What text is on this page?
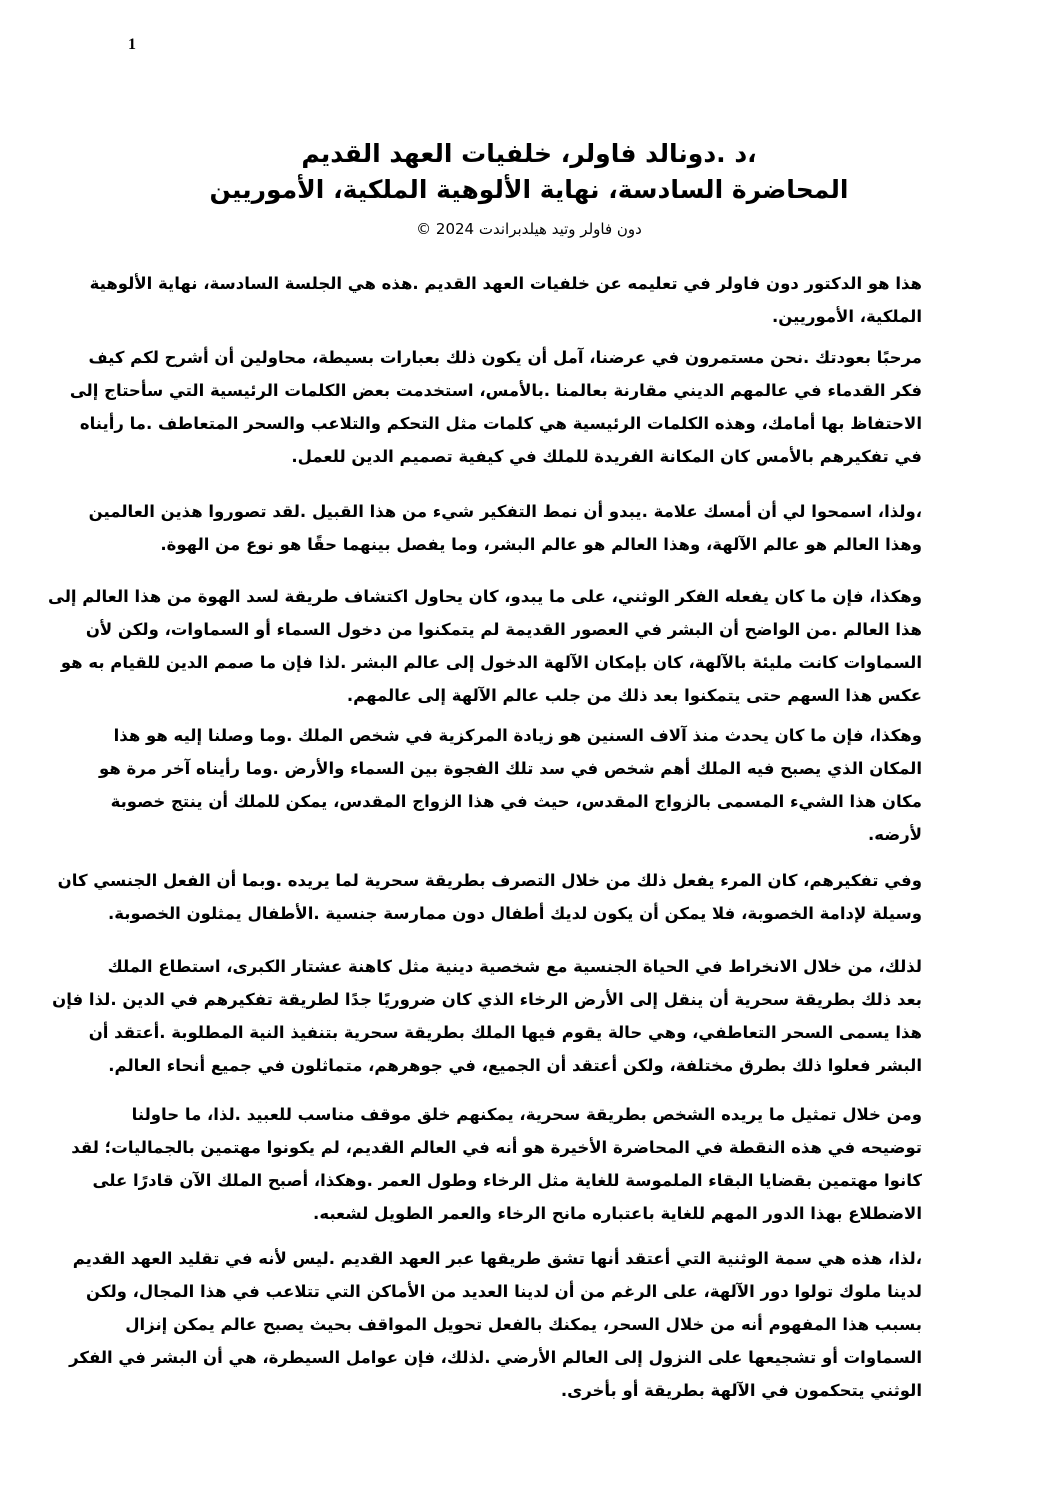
1
،د .دونالد فاولر، خلفيات العهد القديم
المحاضرة السادسة، نهاية الألوهية الملكية، الأموريين
دون فاولر وتيد هيلدبراندت 2024 ©
هذا هو الدكتور دون فاولر في تعليمه عن خلفيات العهد القديم .هذه هي الجلسة السادسة، نهاية الألوهية
الملكية، الأموريين.
مرحبًا بعودتك .نحن مستمرون في عرضنا، آمل أن يكون ذلك بعبارات بسيطة، محاولين أن أشرح لكم كيف
فكر القدماء في عالمهم الديني مقارنة بعالمنا .بالأمس، استخدمت بعض الكلمات الرئيسية التي سأحتاج إلى
الاحتفاظ بها أمامك، وهذه الكلمات الرئيسية هي كلمات مثل التحكم والتلاعب والسحر المتعاطف .ما رأيناه
في تفكيرهم بالأمس كان المكانة الفريدة للملك في كيفية تصميم الدين للعمل.
،ولذا، اسمحوا لي أن أمسك علامة .يبدو أن نمط التفكير شيء من هذا القبيل .لقد تصوروا هذين العالمين
وهذا العالم هو عالم الآلهة، وهذا العالم هو عالم البشر، وما يفصل بينهما حقًا هو نوع من الهوة.
وهكذا، فإن ما كان يفعله الفكر الوثني، على ما يبدو، كان يحاول اكتشاف طريقة لسد الهوة من هذا العالم إلى
هذا العالم .من الواضح أن البشر في العصور القديمة لم يتمكنوا من دخول السماء أو السماوات، ولكن لأن
السماوات كانت مليئة بالآلهة، كان بإمكان الآلهة الدخول إلى عالم البشر .لذا فإن ما صمم الدين للقيام به هو
عكس هذا السهم حتى يتمكنوا بعد ذلك من جلب عالم الآلهة إلى عالمهم.
وهكذا، فإن ما كان يحدث منذ آلاف السنين هو زيادة المركزية في شخص الملك .وما وصلنا إليه هو هذا
المكان الذي يصبح فيه الملك أهم شخص في سد تلك الفجوة بين السماء والأرض .وما رأيناه آخر مرة هو
مكان هذا الشيء المسمى بالزواج المقدس، حيث في هذا الزواج المقدس، يمكن للملك أن ينتج خصوبة
لأرضه.
وفي تفكيرهم، كان المرء يفعل ذلك من خلال التصرف بطريقة سحرية لما يريده .وبما أن الفعل الجنسي كان
وسيلة لإدامة الخصوبة، فلا يمكن أن يكون لديك أطفال دون ممارسة جنسية .الأطفال يمثلون الخصوبة.
لذلك، من خلال الانخراط في الحياة الجنسية مع شخصية دينية مثل كاهنة عشتار الكبرى، استطاع الملك
بعد ذلك بطريقة سحرية أن ينقل إلى الأرض الرخاء الذي كان ضروريًا جدًا لطريقة تفكيرهم في الدين .لذا فإن
هذا يسمى السحر التعاطفي، وهي حالة يقوم فيها الملك بطريقة سحرية بتنفيذ النية المطلوبة .أعتقد أن
البشر فعلوا ذلك بطرق مختلفة، ولكن أعتقد أن الجميع، في جوهرهم، متماثلون في جميع أنحاء العالم.
ومن خلال تمثيل ما يريده الشخص بطريقة سحرية، يمكنهم خلق موقف مناسب للعبيد .لذا، ما حاولنا
توضيحه في هذه النقطة في المحاضرة الأخيرة هو أنه في العالم القديم، لم يكونوا مهتمين بالجماليات؛ لقد
كانوا مهتمين بقضايا البقاء الملموسة للغاية مثل الرخاء وطول العمر .وهكذا، أصبح الملك الآن قادرًا على
الاضطلاع بهذا الدور المهم للغاية باعتباره مانح الرخاء والعمر الطويل لشعبه.
،لذا، هذه هي سمة الوثنية التي أعتقد أنها تشق طريقها عبر العهد القديم .ليس لأنه في تقليد العهد القديم
لدينا ملوك تولوا دور الآلهة، على الرغم من أن لدينا العديد من الأماكن التي تتلاعب في هذا المجال، ولكن
بسبب هذا المفهوم أنه من خلال السحر، يمكنك بالفعل تحويل المواقف بحيث يصبح عالم يمكن إنزال
السماوات أو تشجيعها على النزول إلى العالم الأرضي .لذلك، فإن عوامل السيطرة، هي أن البشر في الفكر
الوثني يتحكمون في الآلهة بطريقة أو بأخرى.
